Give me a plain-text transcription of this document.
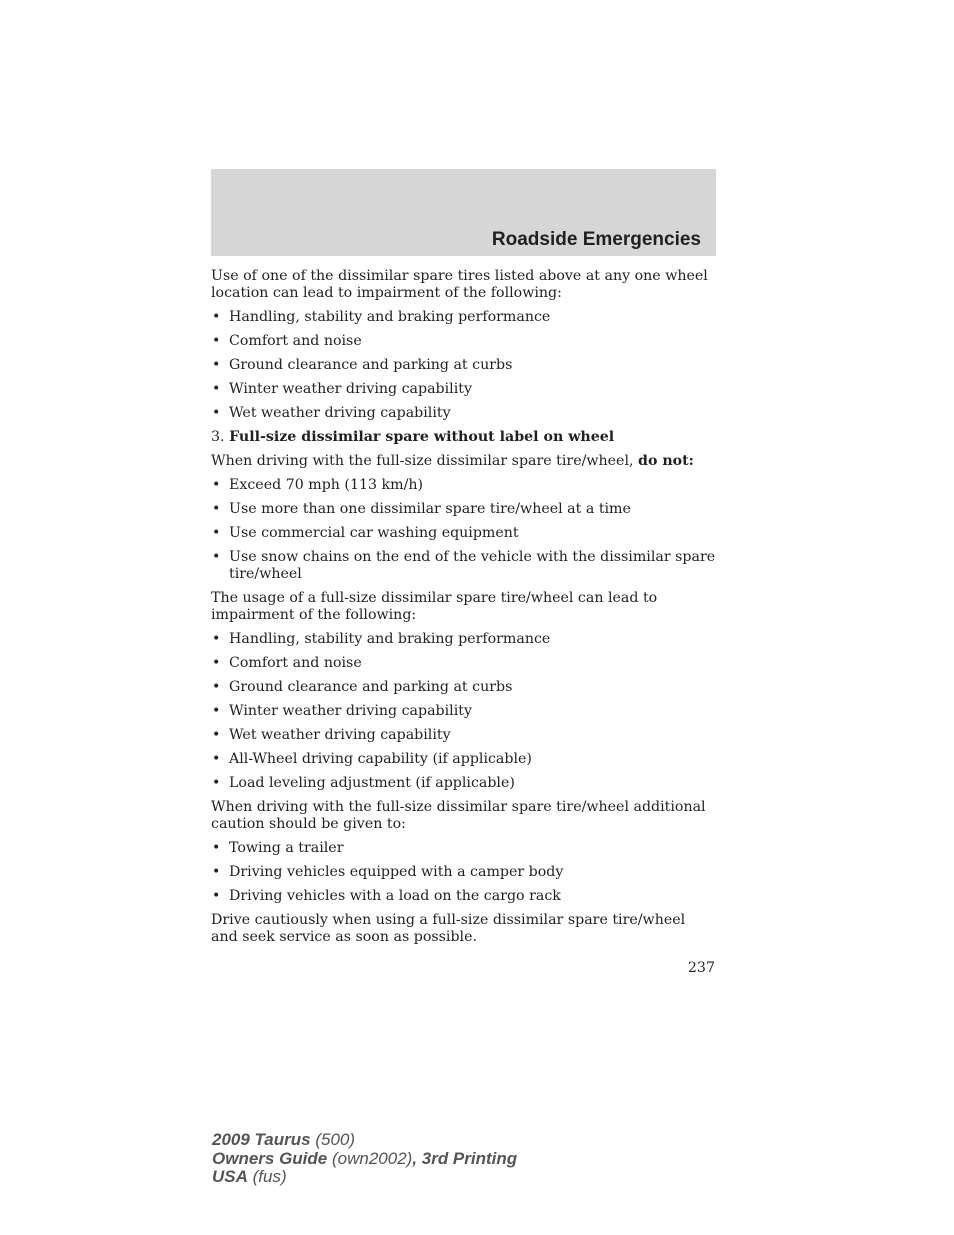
Roadside Emergencies

Use of one of the dissimilar spare tires listed above at any one wheel location can lead to impairment of the following:

• Handling, stability and braking performance
• Comfort and noise
• Ground clearance and parking at curbs
• Winter weather driving capability
• Wet weather driving capability

3. Full-size dissimilar spare without label on wheel

When driving with the full-size dissimilar spare tire/wheel, do not:

• Exceed 70 mph (113 km/h)
• Use more than one dissimilar spare tire/wheel at a time
• Use commercial car washing equipment
• Use snow chains on the end of the vehicle with the dissimilar spare tire/wheel

The usage of a full-size dissimilar spare tire/wheel can lead to impairment of the following:

• Handling, stability and braking performance
• Comfort and noise
• Ground clearance and parking at curbs
• Winter weather driving capability
• Wet weather driving capability
• All-Wheel driving capability (if applicable)
• Load leveling adjustment (if applicable)

When driving with the full-size dissimilar spare tire/wheel additional caution should be given to:

• Towing a trailer
• Driving vehicles equipped with a camper body
• Driving vehicles with a load on the cargo rack

Drive cautiously when using a full-size dissimilar spare tire/wheel and seek service as soon as possible.

237
2009 Taurus (500)
Owners Guide (own2002), 3rd Printing
USA (fus)
